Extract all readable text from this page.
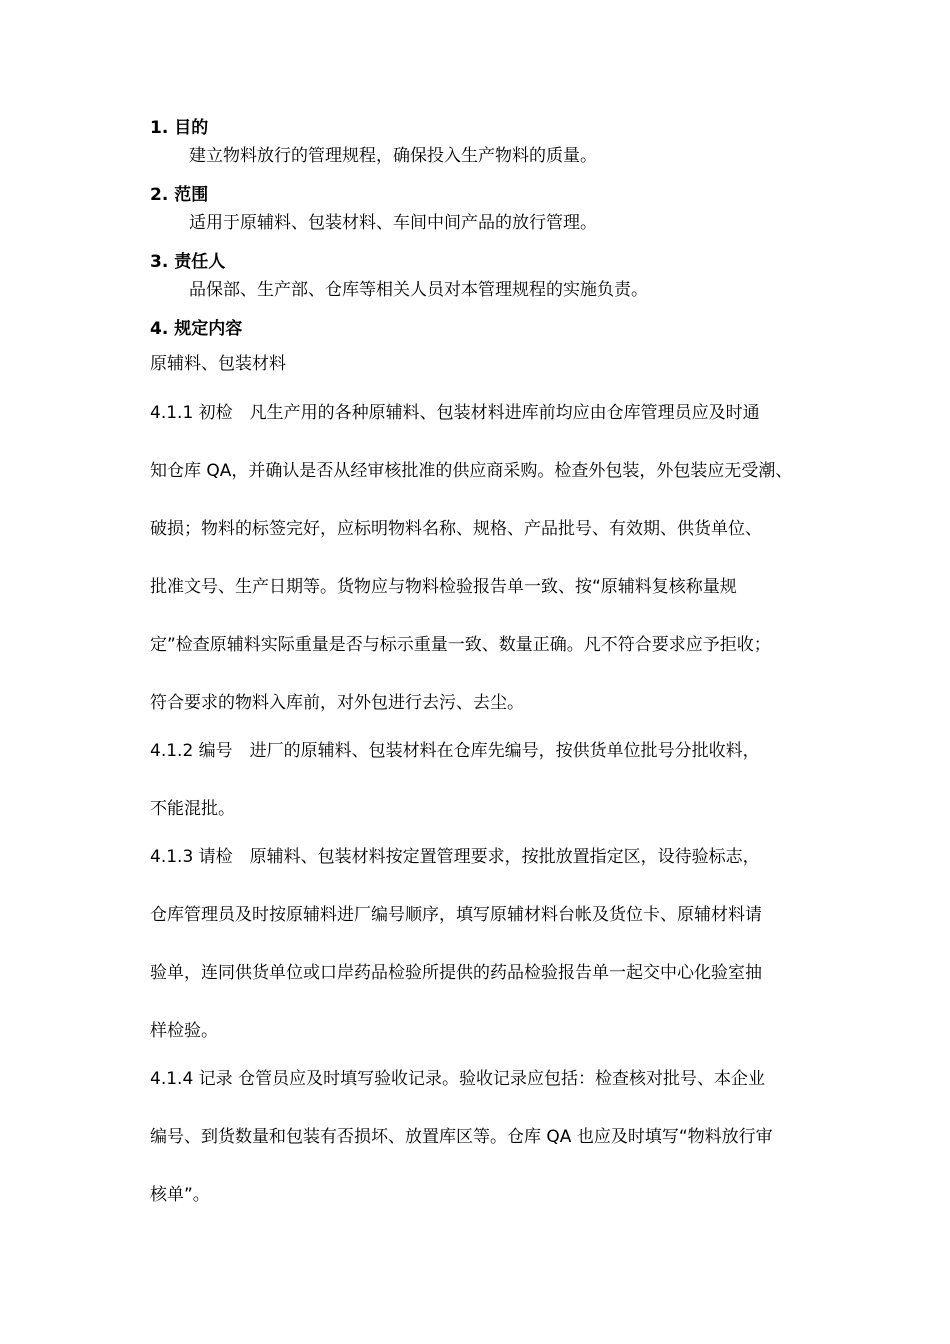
1. 目的
建立物料放行的管理规程，确保投入生产物料的质量。
2. 范围
适用于原辅料、包装材料、车间中间产品的放行管理。
3. 责任人
品保部、生产部、仓库等相关人员对本管理规程的实施负责。
4. 规定内容
原辅料、包装材料
4.1.1 初检　凡生产用的各种原辅料、包装材料进库前均应由仓库管理员应及时通
知仓库 QA，并确认是否从经审核批准的供应商采购。检查外包装，外包装应无受潮、
破损；物料的标签完好，应标明物料名称、规格、产品批号、有效期、供货单位、
批准文号、生产日期等。货物应与物料检验报告单一致、按“原辅料复核称量规
定”检查原辅料实际重量是否与标示重量一致、数量正确。凡不符合要求应予拒收；
符合要求的物料入库前，对外包进行去污、去尘。
4.1.2 编号　进厂的原辅料、包装材料在仓库先编号，按供货单位批号分批收料，
不能混批。
4.1.3 请检　原辅料、包装材料按定置管理要求，按批放置指定区，设待验标志，
仓库管理员及时按原辅料进厂编号顺序，填写原辅材料台帐及货位卡、原辅材料请
验单，连同供货单位或口岸药品检验所提供的药品检验报告单一起交中心化验室抽
样检验。
4.1.4 记录 仓管员应及时填写验收记录。验收记录应包括：检查核对批号、本企业
编号、到货数量和包装有否损坏、放置库区等。仓库 QA 也应及时填写“物料放行审
核单”。
